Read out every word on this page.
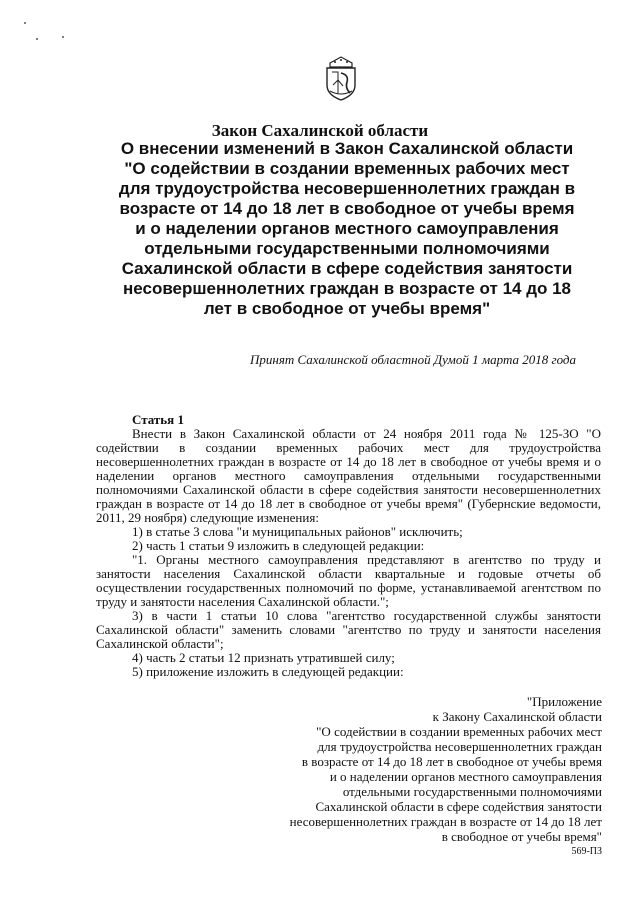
Закон Сахалинской области

О внесении изменений в Закон Сахалинской области "О содействии в создании временных рабочих мест для трудоустройства несовершеннолетних граждан в возрасте от 14 до 18 лет в свободное от учебы время и о наделении органов местного самоуправления отдельными государственными полномочиями Сахалинской области в сфере содействия занятости несовершеннолетних граждан в возрасте от 14 до 18 лет в свободное от учебы время"

Принят Сахалинской областной Думой 1 марта 2018 года

Статья 1

Внести в Закон Сахалинской области от 24 ноября 2011 года № 125-ЗО "О содействии в создании временных рабочих мест для трудоустройства несовершеннолетних граждан в возрасте от 14 до 18 лет в свободное от учебы время и о наделении органов местного самоуправления отдельными государственными полномочиями Сахалинской области в сфере содействия занятости несовершеннолетних граждан в возрасте от 14 до 18 лет в свободное от учебы время" (Губернские ведомости, 2011, 29 ноября) следующие изменения:

1) в статье 3 слова "и муниципальных районов" исключить;

2) часть 1 статьи 9 изложить в следующей редакции:

"1. Органы местного самоуправления представляют в агентство по труду и занятости населения Сахалинской области квартальные и годовые отчеты об осуществлении государственных полномочий по форме, устанавливаемой агентством по труду и занятости населения Сахалинской области.";

3) в части 1 статьи 10 слова "агентство государственной службы занятости Сахалинской области" заменить словами "агентство по труду и занятости населения Сахалинской области";

4) часть 2 статьи 12 признать утратившей силу;

5) приложение изложить в следующей редакции:

"Приложение
к Закону Сахалинской области
"О содействии в создании временных рабочих мест
для трудоустройства несовершеннолетних граждан
в возрасте от 14 до 18 лет в свободное от учебы время
и о наделении органов местного самоуправления
отдельными государственными полномочиями
Сахалинской области в сфере содействия занятости
несовершеннолетних граждан в возрасте от 14 до 18 лет
в свободное от учебы время"
569-ПЗ
